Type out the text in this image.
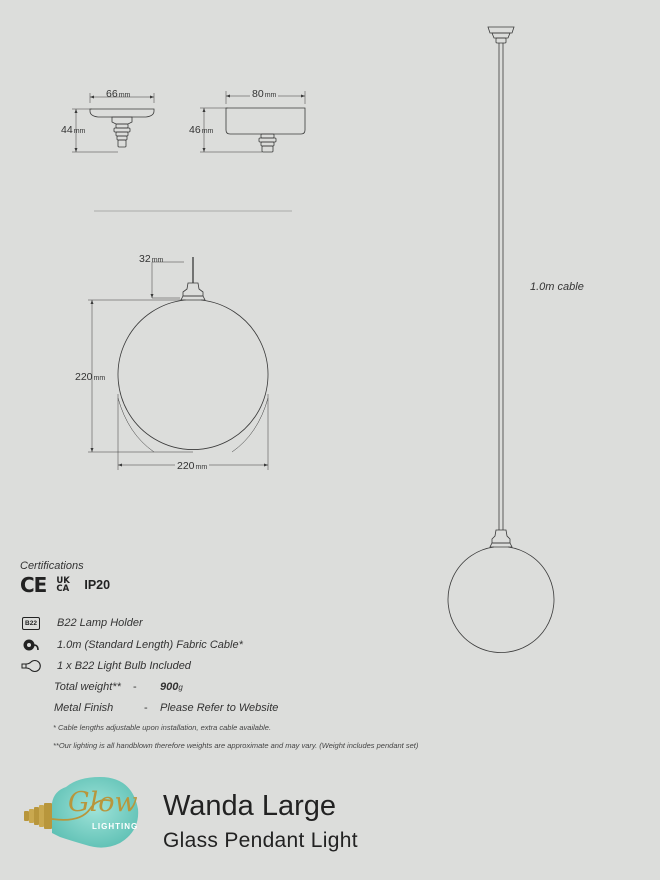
66mm
44mm
80mm
46mm
32mm
220mm
220mm
1.0m cable
Certifications
CE UK
CA	IP20
B22 B22 Lamp Holder
1.0m (Standard Length) Fabric Cable*
1 x B22 Light Bulb Included
Total weight** - 900g
Metal Finish	- Please Refer to Website
* Cable lengths adjustable upon installation, extra cable available.
**Our lighting is all handblown therefore weights are approximate and may vary. (Weight includes pendant set)
Glow
LIGHTING
Wanda Large
Glass Pendant Light
